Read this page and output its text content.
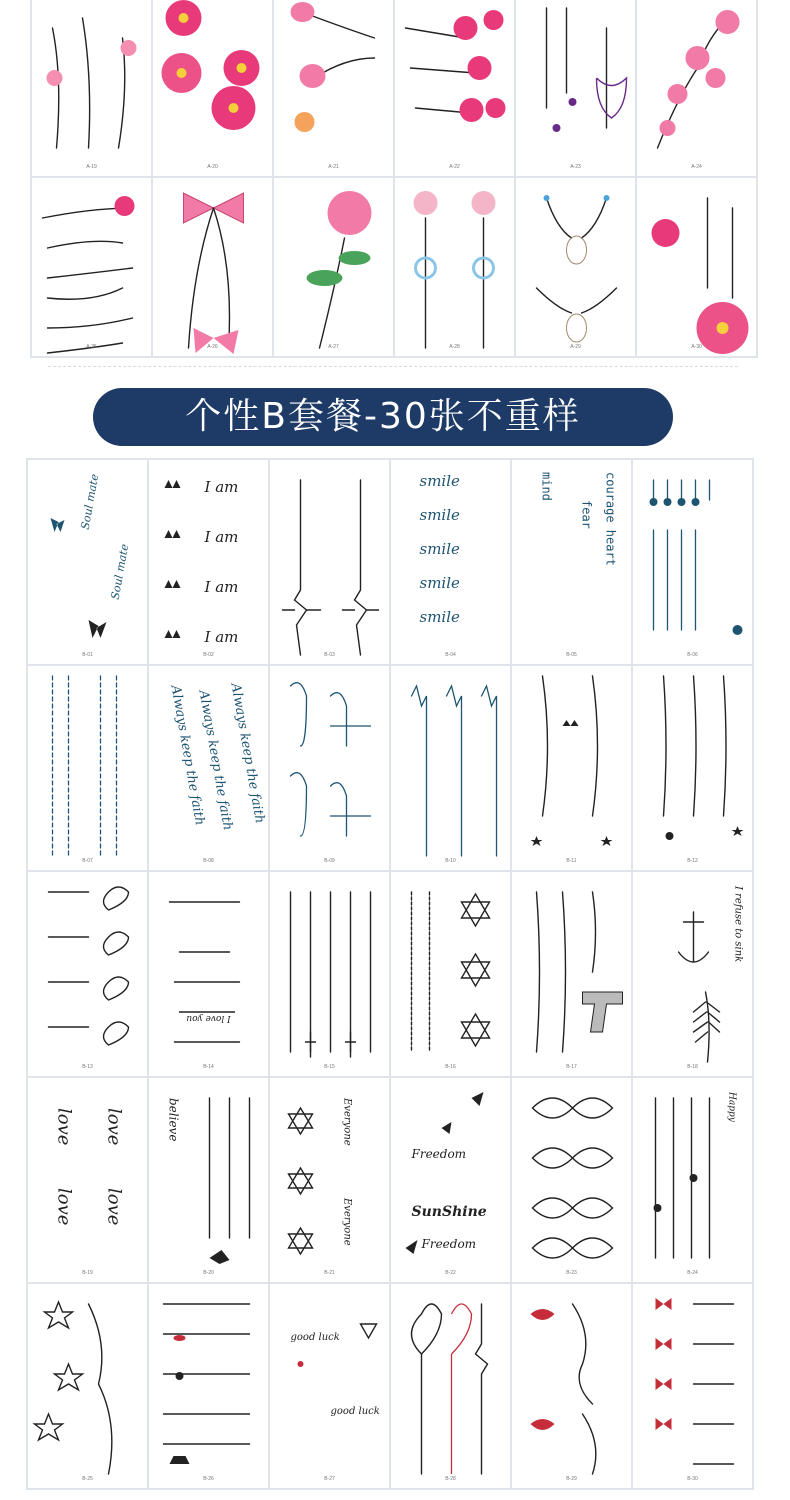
A-19	A-20	A-21	A-22	A-23	A-24
A-25	A-26	A-27	A-28	A-29	A-30
个性B套餐-30张不重样
Soul mate
Soul mate
B-01
I am
I am
I am
I am
B-02	B-03
smile
smile
smile
smile
smile
B-04
courage heart
fear
mind
B-05	B-06
B-07
Always keep the faith
Always keep the faith
Always keep the faith
B-08	B-09	B-10	B-11	B-12
B-13
I love you
B-14	B-15	B-16	B-17
I refuse to sink
B-18
love love
love love
B-19
believe
B-20
Everyone
Everyone
B-21
Freedom
SunShine
Freedom
B-22	B-23
Happy
B-24
B-25	B-26
good luck
good luck
B-27	B-28	B-29	B-30
